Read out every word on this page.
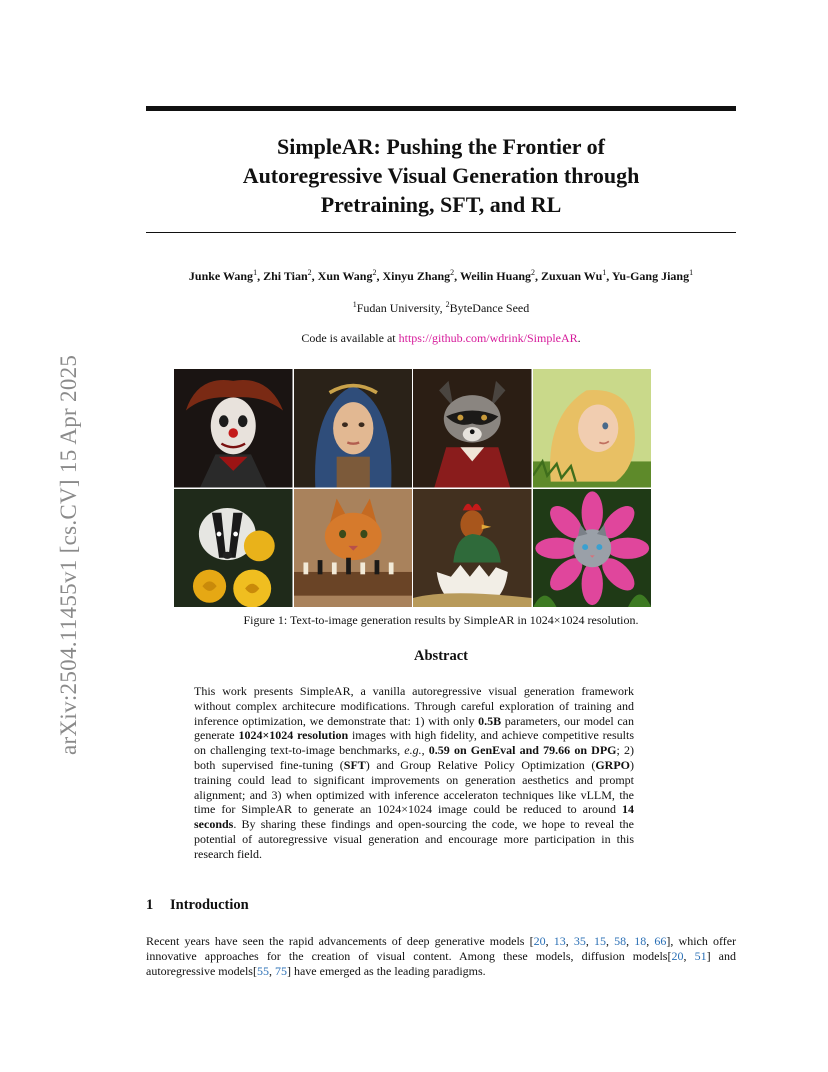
arXiv:2504.11455v1 [cs.CV] 15 Apr 2025
SimpleAR: Pushing the Frontier of
Autoregressive Visual Generation through
Pretraining, SFT, and RL
Junke Wang$^1$, Zhi Tian$^2$, Xun Wang$^2$, Xinyu Zhang$^2$, Weilin Huang$^2$, Zuxuan Wu$^1$, Yu-Gang Jiang$^1$
$^1$Fudan University, $^2$ByteDance Seed
Code is available at https://github.com/wdrink/SimpleAR.
Figure 1: Text-to-image generation results by SimpleAR in 1024×1024 resolution.
Abstract
This work presents SimpleAR, a vanilla autoregressive visual generation framework without complex architecure modifications. Through careful exploration of training and inference optimization, we demonstrate that: 1) with only 0.5B parameters, our model can generate 1024×1024 resolution images with high fidelity, and achieve competitive results on challenging text-to-image benchmarks, e.g., 0.59 on GenEval and 79.66 on DPG; 2) both supervised fine-tuning (SFT) and Group Relative Policy Optimization (GRPO) training could lead to significant improvements on generation aesthetics and prompt alignment; and 3) when optimized with inference acceleraton techniques like vLLM, the time for SimpleAR to generate an 1024×1024 image could be reduced to around 14 seconds. By sharing these findings and open-sourcing the code, we hope to reveal the potential of autoregressive visual generation and encourage more participation in this research field.
1 Introduction
Recent years have seen the rapid advancements of deep generative models [20, 13, 35, 15, 58, 18, 66], which offer innovative approaches for the creation of visual content. Among these models, diffusion models[20, 51] and autoregressive models[55, 75] have emerged as the leading paradigms.
